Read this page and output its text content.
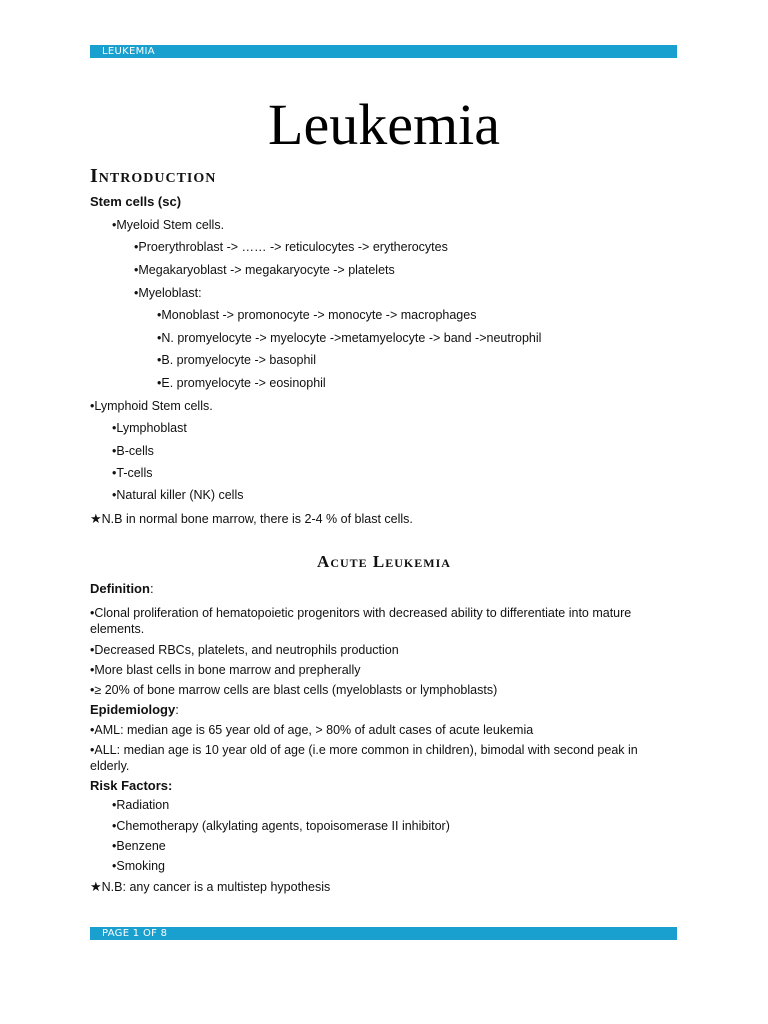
LEUKEMIA
Leukemia
Introduction
Stem cells (sc)
•Myeloid Stem cells.
•Proerythroblast -> …… -> reticulocytes -> erytherocytes
•Megakaryoblast -> megakaryocyte -> platelets
•Myeloblast:
•Monoblast -> promonocyte -> monocyte -> macrophages
•N. promyelocyte -> myelocyte ->metamyelocyte -> band ->neutrophil
•B. promyelocyte -> basophil
•E. promyelocyte -> eosinophil
•Lymphoid Stem cells.
•Lymphoblast
•B-cells
•T-cells
•Natural killer (NK) cells
★N.B in normal bone marrow, there is 2-4 % of blast cells.
Acute Leukemia
Definition:
•Clonal proliferation of hematopoietic progenitors with decreased ability to differentiate into mature elements.
•Decreased RBCs, platelets, and neutrophils production
•More blast cells in bone marrow and prepherally
•≥ 20% of bone marrow cells are blast cells (myeloblasts or lymphoblasts)
Epidemiology:
•AML: median age is 65 year old of age, > 80% of adult cases of acute leukemia
•ALL: median age is 10 year old of age (i.e more common in children), bimodal with second peak in elderly.
Risk Factors:
•Radiation
•Chemotherapy (alkylating agents, topoisomerase II inhibitor)
•Benzene
•Smoking
★N.B: any cancer is a multistep hypothesis
PAGE 1 OF 8
